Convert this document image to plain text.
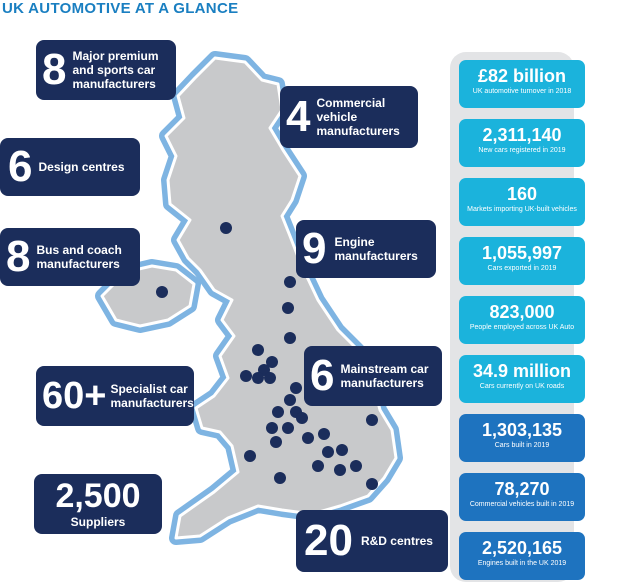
UK AUTOMOTIVE AT A GLANCE
8 Major premium and sports car manufacturers
4 Commercial vehicle manufacturers
6 Design centres
9 Engine manufacturers
8 Bus and coach manufacturers
6 Mainstream car manufacturers
60+ Specialist car manufacturers
2,500
Suppliers	20 R&D centres
£82 billion
UK automotive turnover in 2018
2,311,140
New cars registered in 2019
160
Markets importing UK-built vehicles
1,055,997
Cars exported in 2019
823,000
People employed across UK Auto
34.9 million
Cars currently on UK roads
1,303,135
Cars built in 2019
78,270
Commercial vehicles built in 2019
2,520,165
Engines built in the UK 2019
